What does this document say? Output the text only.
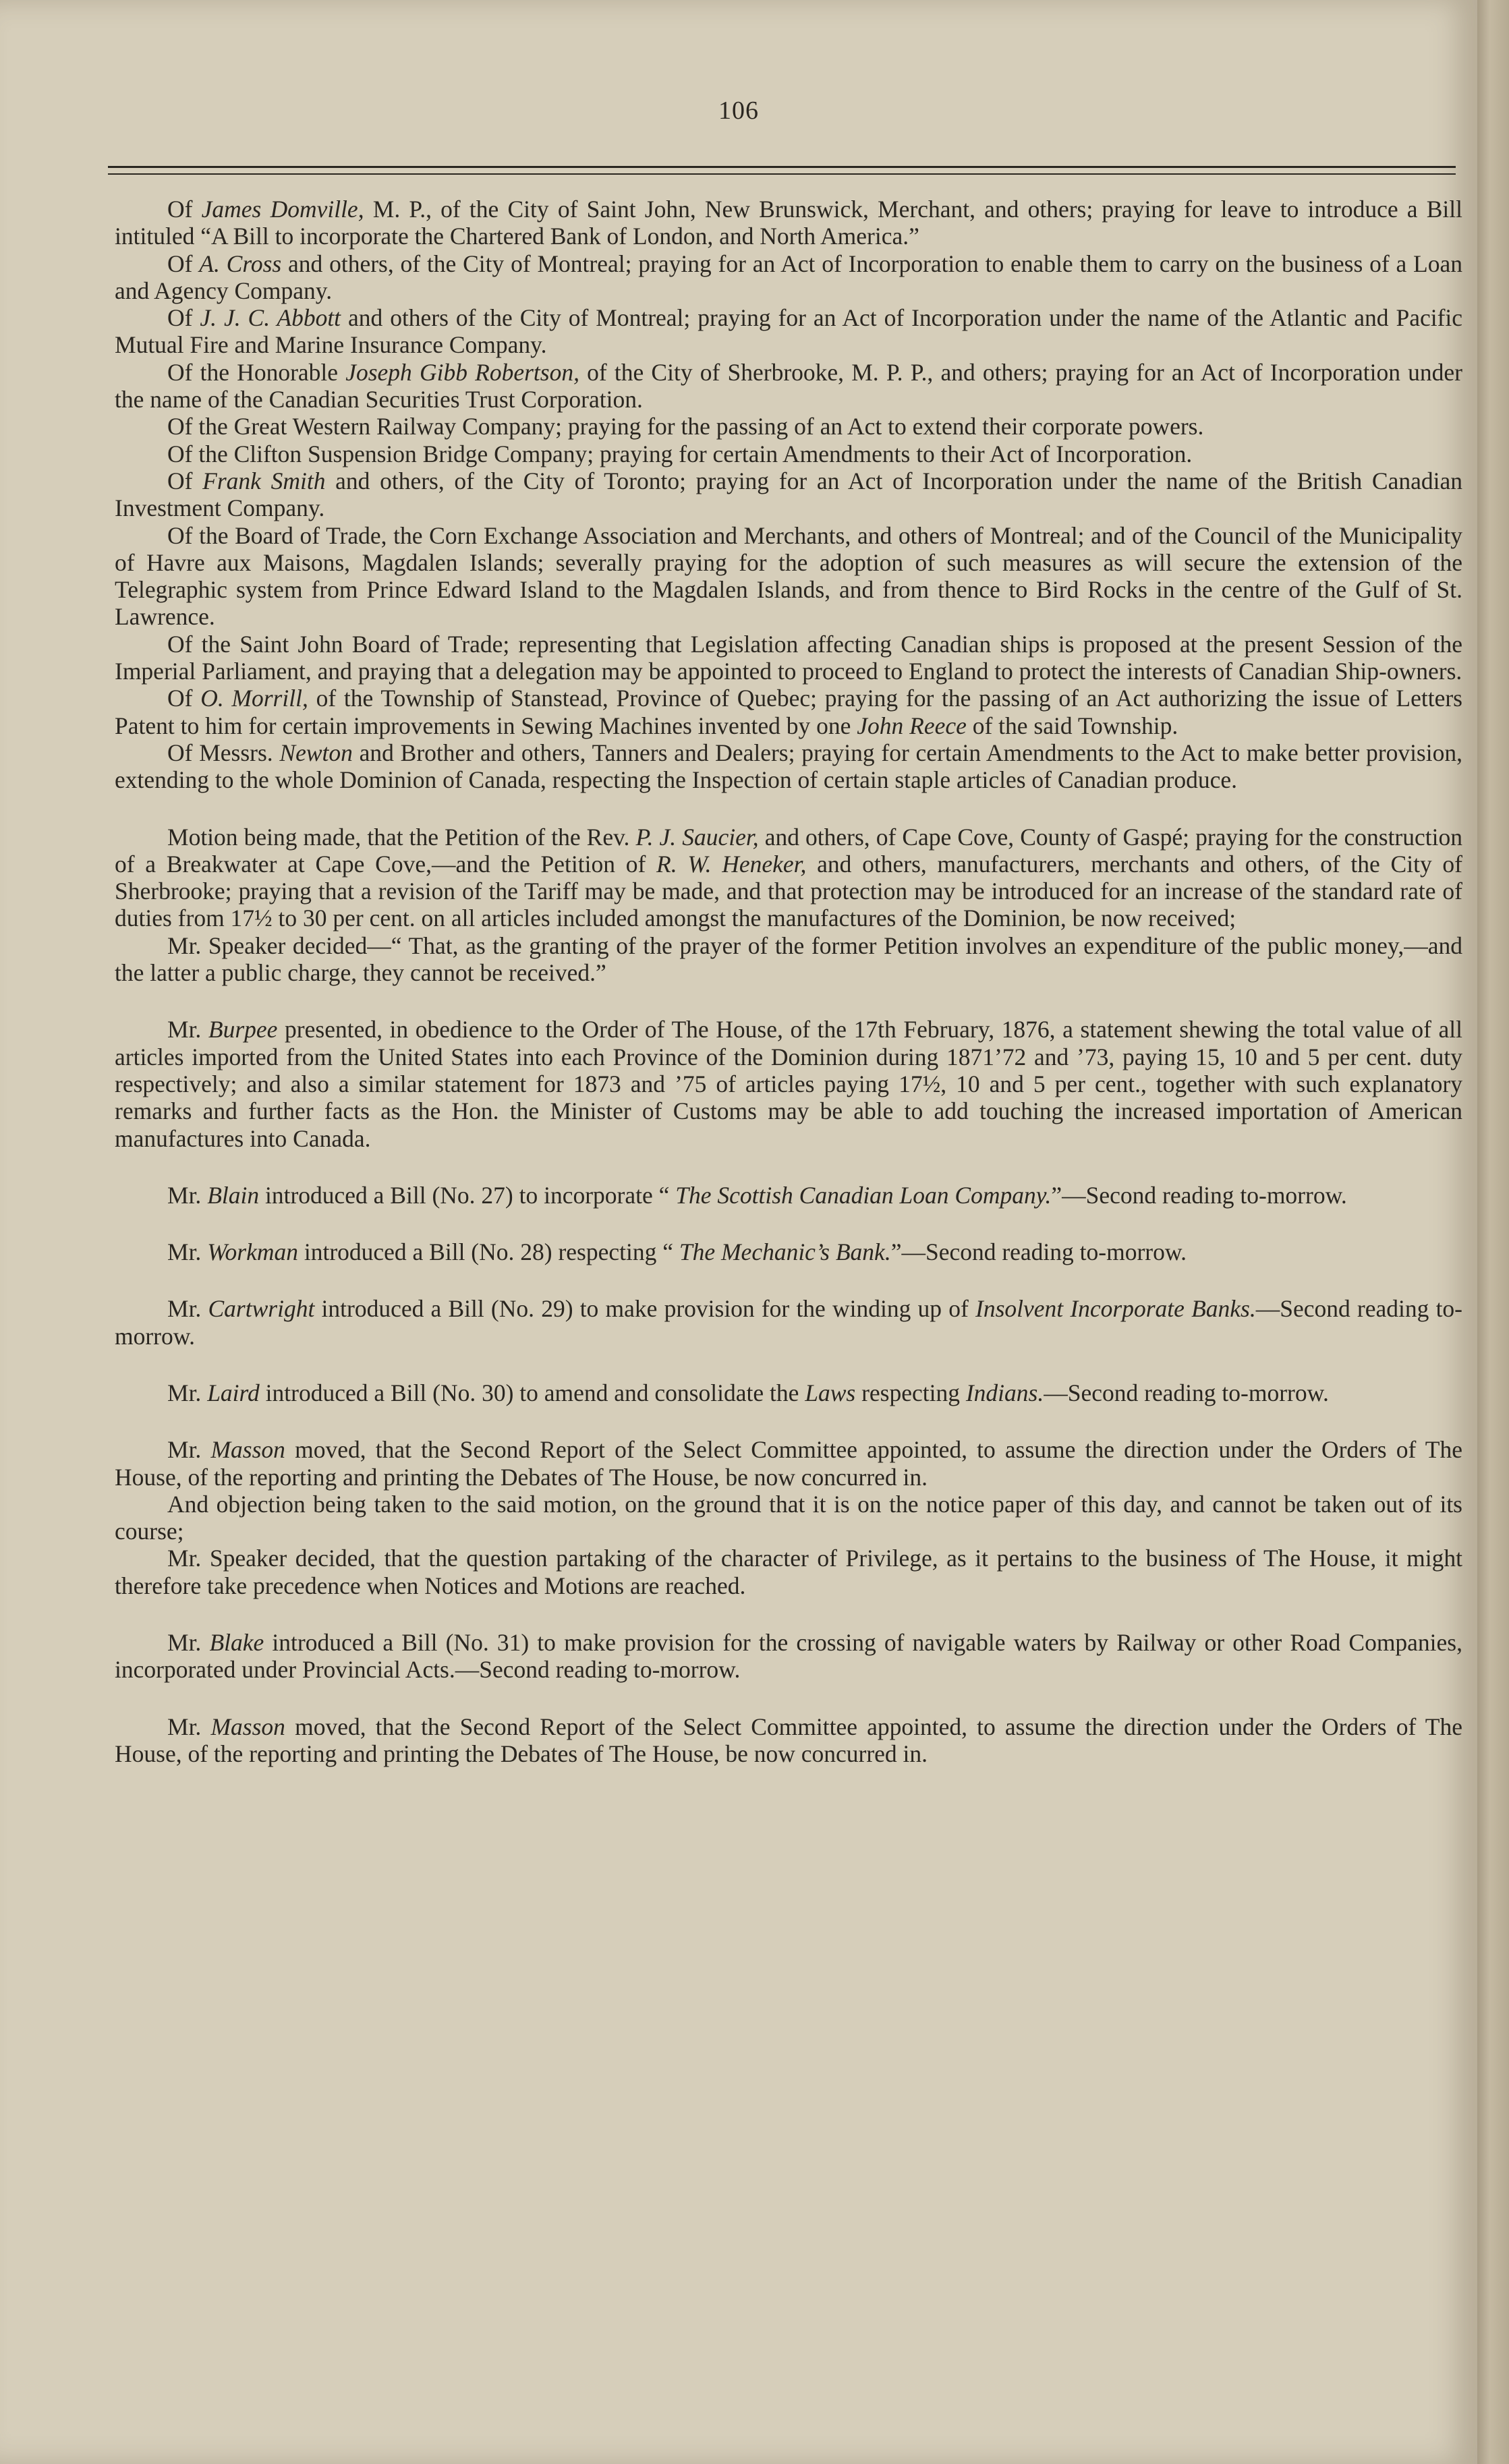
106

Of James Domville, M. P., of the City of Saint John, New Brunswick, Merchant, and others; praying for leave to introduce a Bill intituled “A Bill to incorporate the Chartered Bank of London, and North America.”

Of A. Cross and others, of the City of Montreal; praying for an Act of Incorporation to enable them to carry on the business of a Loan and Agency Company.

Of J. J. C. Abbott and others of the City of Montreal; praying for an Act of Incorporation under the name of the Atlantic and Pacific Mutual Fire and Marine Insurance Company.

Of the Honorable Joseph Gibb Robertson, of the City of Sherbrooke, M. P. P., and others; praying for an Act of Incorporation under the name of the Canadian Securities Trust Corporation.

Of the Great Western Railway Company; praying for the passing of an Act to extend their corporate powers.

Of the Clifton Suspension Bridge Company; praying for certain Amendments to their Act of Incorporation.

Of Frank Smith and others, of the City of Toronto; praying for an Act of Incorporation under the name of the British Canadian Investment Company.

Of the Board of Trade, the Corn Exchange Association and Merchants, and others of Montreal; and of the Council of the Municipality of Havre aux Maisons, Magdalen Islands; severally praying for the adoption of such measures as will secure the extension of the Telegraphic system from Prince Edward Island to the Magdalen Islands, and from thence to Bird Rocks in the centre of the Gulf of St. Lawrence.

Of the Saint John Board of Trade; representing that Legislation affecting Canadian ships is proposed at the present Session of the Imperial Parliament, and praying that a delegation may be appointed to proceed to England to protect the interests of Canadian Ship-owners.

Of O. Morrill, of the Township of Stanstead, Province of Quebec; praying for the passing of an Act authorizing the issue of Letters Patent to him for certain improvements in Sewing Machines invented by one John Reece of the said Township.

Of Messrs. Newton and Brother and others, Tanners and Dealers; praying for certain Amendments to the Act to make better provision, extending to the whole Dominion of Canada, respecting the Inspection of certain staple articles of Canadian produce.

Motion being made, that the Petition of the Rev. P. J. Saucier, and others, of Cape Cove, County of Gaspé; praying for the construction of a Breakwater at Cape Cove,—and the Petition of R. W. Heneker, and others, manufacturers, merchants and others, of the City of Sherbrooke; praying that a revision of the Tariff may be made, and that protection may be introduced for an increase of the standard rate of duties from 17½ to 30 per cent. on all articles included amongst the manufactures of the Dominion, be now received;

Mr. Speaker decided—“ That, as the granting of the prayer of the former Petition involves an expenditure of the public money,—and the latter a public charge, they cannot be received.”

Mr. Burpee presented, in obedience to the Order of The House, of the 17th February, 1876, a statement shewing the total value of all articles imported from the United States into each Province of the Dominion during 1871’72 and ’73, paying 15, 10 and 5 per cent. duty respectively; and also a similar statement for 1873 and ’75 of articles paying 17½, 10 and 5 per cent., together with such explanatory remarks and further facts as the Hon. the Minister of Customs may be able to add touching the increased importation of American manufactures into Canada.

Mr. Blain introduced a Bill (No. 27) to incorporate “ The Scottish Canadian Loan Company.”—Second reading to-morrow.

Mr. Workman introduced a Bill (No. 28) respecting “ The Mechanic’s Bank.”—Second reading to-morrow.

Mr. Cartwright introduced a Bill (No. 29) to make provision for the winding up of Insolvent Incorporate Banks.—Second reading to-morrow.

Mr. Laird introduced a Bill (No. 30) to amend and consolidate the Laws respecting Indians.—Second reading to-morrow.

Mr. Masson moved, that the Second Report of the Select Committee appointed, to assume the direction under the Orders of The House, of the reporting and printing the Debates of The House, be now concurred in.

And objection being taken to the said motion, on the ground that it is on the notice paper of this day, and cannot be taken out of its course;

Mr. Speaker decided, that the question partaking of the character of Privilege, as it pertains to the business of The House, it might therefore take precedence when Notices and Motions are reached.

Mr. Blake introduced a Bill (No. 31) to make provision for the crossing of navigable waters by Railway or other Road Companies, incorporated under Provincial Acts.—Second reading to-morrow.

Mr. Masson moved, that the Second Report of the Select Committee appointed, to assume the direction under the Orders of The House, of the reporting and printing the Debates of The House, be now concurred in.
